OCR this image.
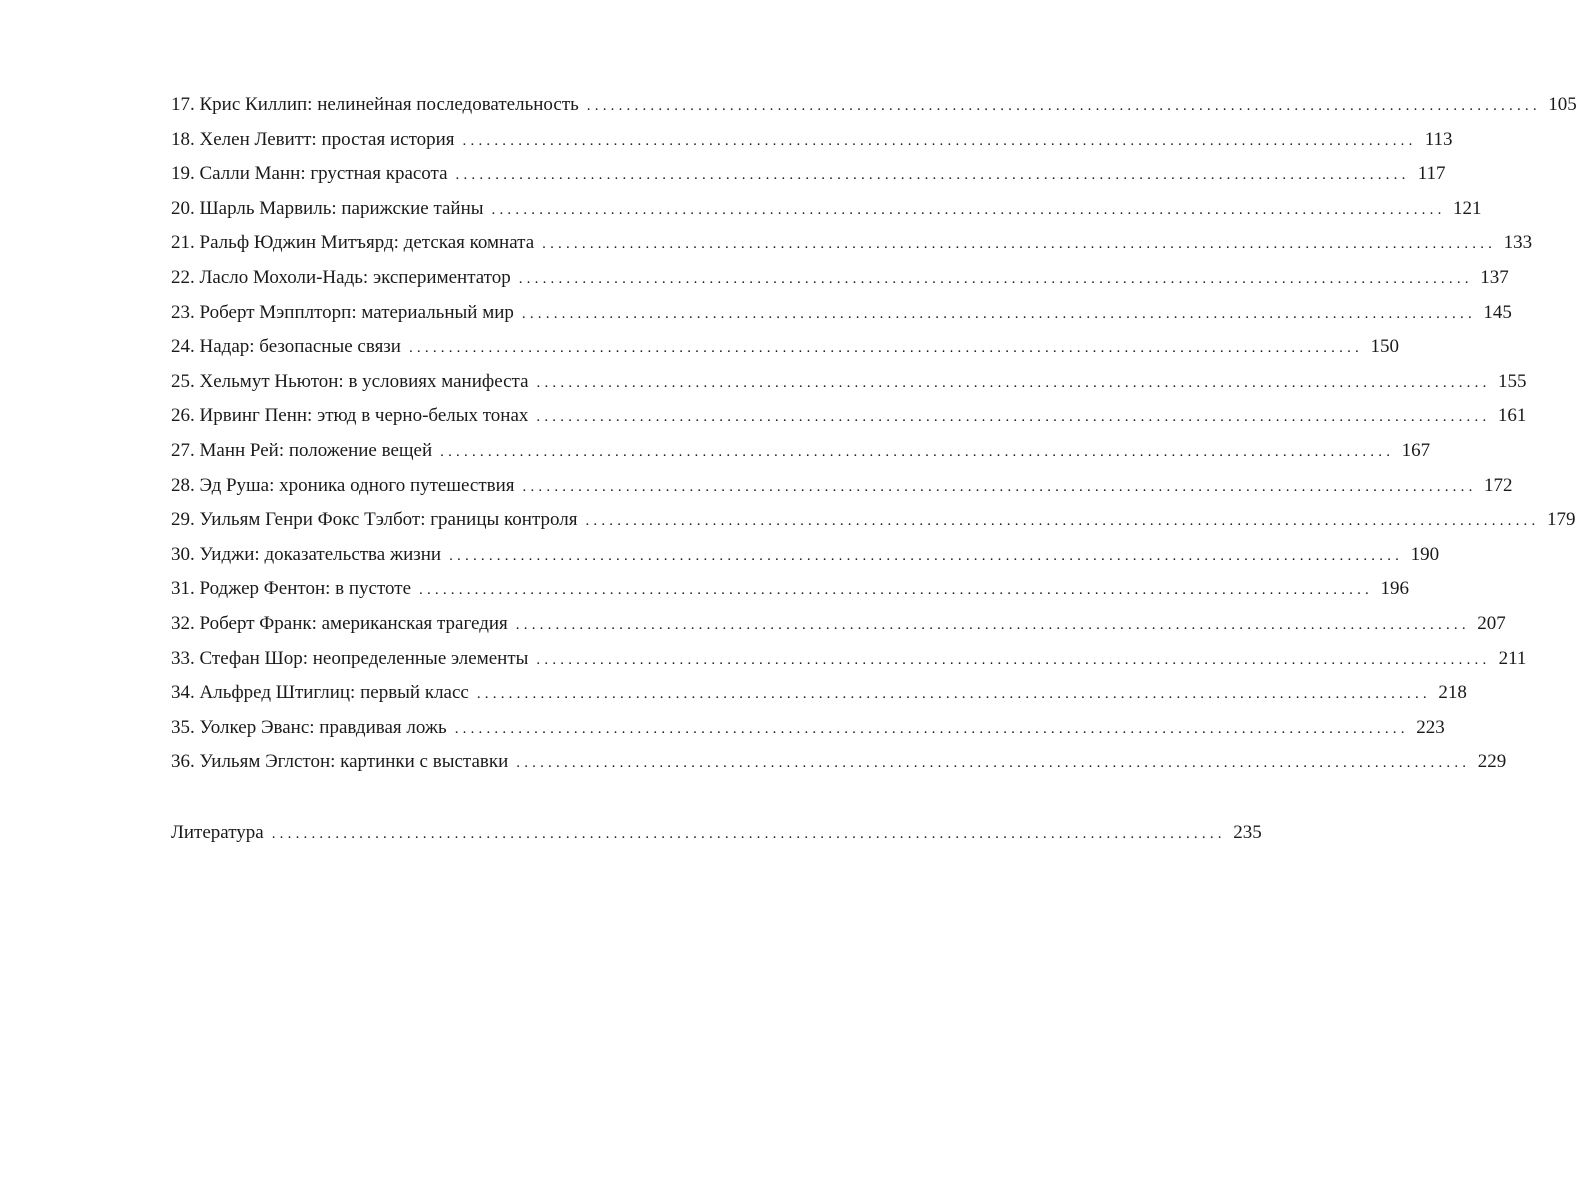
17. Крис Киллип: нелинейная последовательность ........................................................................................................................ 105
18. Хелен Левитт: простая история ........................................................................................................................ 113
19. Салли Манн: грустная красота ........................................................................................................................ 117
20. Шарль Марвиль: парижские тайны ........................................................................................................................ 121
21. Ральф Юджин Митъярд: детская комната ........................................................................................................................ 133
22. Ласло Мохоли-Надь: экспериментатор ........................................................................................................................ 137
23. Роберт Мэпплторп: материальный мир ........................................................................................................................ 145
24. Надар: безопасные связи ........................................................................................................................ 150
25. Хельмут Ньютон: в условиях манифеста ........................................................................................................................ 155
26. Ирвинг Пенн: этюд в черно-белых тонах ........................................................................................................................ 161
27. Манн Рей: положение вещей ........................................................................................................................ 167
28. Эд Руша: хроника одного путешествия ........................................................................................................................ 172
29. Уильям Генри Фокс Тэлбот: границы контроля ........................................................................................................................ 179
30. Уиджи: доказательства жизни ........................................................................................................................ 190
31. Роджер Фентон: в пустоте ........................................................................................................................ 196
32. Роберт Франк: американская трагедия ........................................................................................................................ 207
33. Стефан Шор: неопределенные элементы ........................................................................................................................ 211
34. Альфред Штиглиц: первый класс ........................................................................................................................ 218
35. Уолкер Эванс: правдивая ложь ........................................................................................................................ 223
36. Уильям Эглстон: картинки с выставки ........................................................................................................................ 229
Литература ........................................................................................................................ 235
